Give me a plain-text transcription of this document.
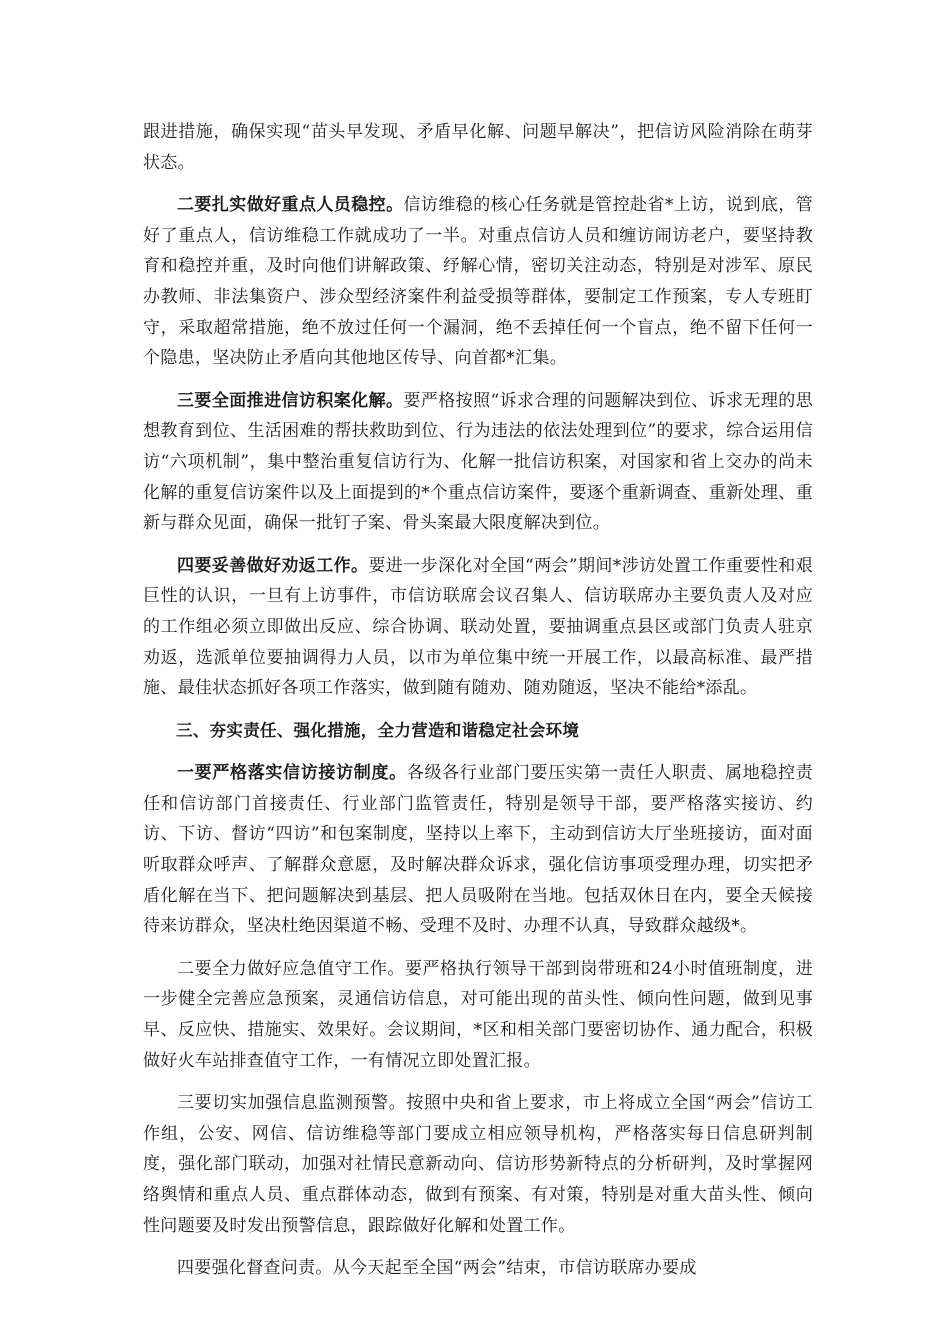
跟进措施，确保实现“苗头早发现、矛盾早化解、问题早解决”，把信访风险消除在萌芽状态。

二要扎实做好重点人员稳控。信访维稳的核心任务就是管控赴省*上访，说到底，管好了重点人，信访维稳工作就成功了一半。对重点信访人员和缠访闹访老户，要坚持教育和稳控并重，及时向他们讲解政策、纾解心情，密切关注动态，特别是对涉军、原民办教师、非法集资户、涉众型经济案件利益受损等群体，要制定工作预案，专人专班盯守，采取超常措施，绝不放过任何一个漏洞，绝不丢掉任何一个盲点，绝不留下任何一个隐患，坚决防止矛盾向其他地区传导、向首都*汇集。

三要全面推进信访积案化解。要严格按照“诉求合理的问题解决到位、诉求无理的思想教育到位、生活困难的帮扶救助到位、行为违法的依法处理到位”的要求，综合运用信访“六项机制”，集中整治重复信访行为、化解一批信访积案，对国家和省上交办的尚未化解的重复信访案件以及上面提到的*个重点信访案件，要逐个重新调查、重新处理、重新与群众见面，确保一批钉子案、骨头案最大限度解决到位。

四要妥善做好劝返工作。要进一步深化对全国“两会”期间*涉访处置工作重要性和艰巨性的认识，一旦有上访事件，市信访联席会议召集人、信访联席办主要负责人及对应的工作组必须立即做出反应、综合协调、联动处置，要抽调重点县区或部门负责人驻京劝返，选派单位要抽调得力人员，以市为单位集中统一开展工作，以最高标准、最严措施、最佳状态抓好各项工作落实，做到随有随劝、随劝随返，坚决不能给*添乱。

三、夯实责任、强化措施，全力营造和谐稳定社会环境

一要严格落实信访接访制度。各级各行业部门要压实第一责任人职责、属地稳控责任和信访部门首接责任、行业部门监管责任，特别是领导干部，要严格落实接访、约访、下访、督访“四访”和包案制度，坚持以上率下，主动到信访大厅坐班接访，面对面听取群众呼声、了解群众意愿，及时解决群众诉求，强化信访事项受理办理，切实把矛盾化解在当下、把问题解决到基层、把人员吸附在当地。包括双休日在内，要全天候接待来访群众，坚决杜绝因渠道不畅、受理不及时、办理不认真，导致群众越级*。

二要全力做好应急值守工作。要严格执行领导干部到岗带班和24小时值班制度，进一步健全完善应急预案，灵通信访信息，对可能出现的苗头性、倾向性问题，做到见事早、反应快、措施实、效果好。会议期间，*区和相关部门要密切协作、通力配合，积极做好火车站排查值守工作，一有情况立即处置汇报。

三要切实加强信息监测预警。按照中央和省上要求，市上将成立全国“两会”信访工作组，公安、网信、信访维稳等部门要成立相应领导机构，严格落实每日信息研判制度，强化部门联动，加强对社情民意新动向、信访形势新特点的分析研判，及时掌握网络舆情和重点人员、重点群体动态，做到有预案、有对策，特别是对重大苗头性、倾向性问题要及时发出预警信息，跟踪做好化解和处置工作。

四要强化督查问责。从今天起至全国“两会”结束，市信访联席办要成
